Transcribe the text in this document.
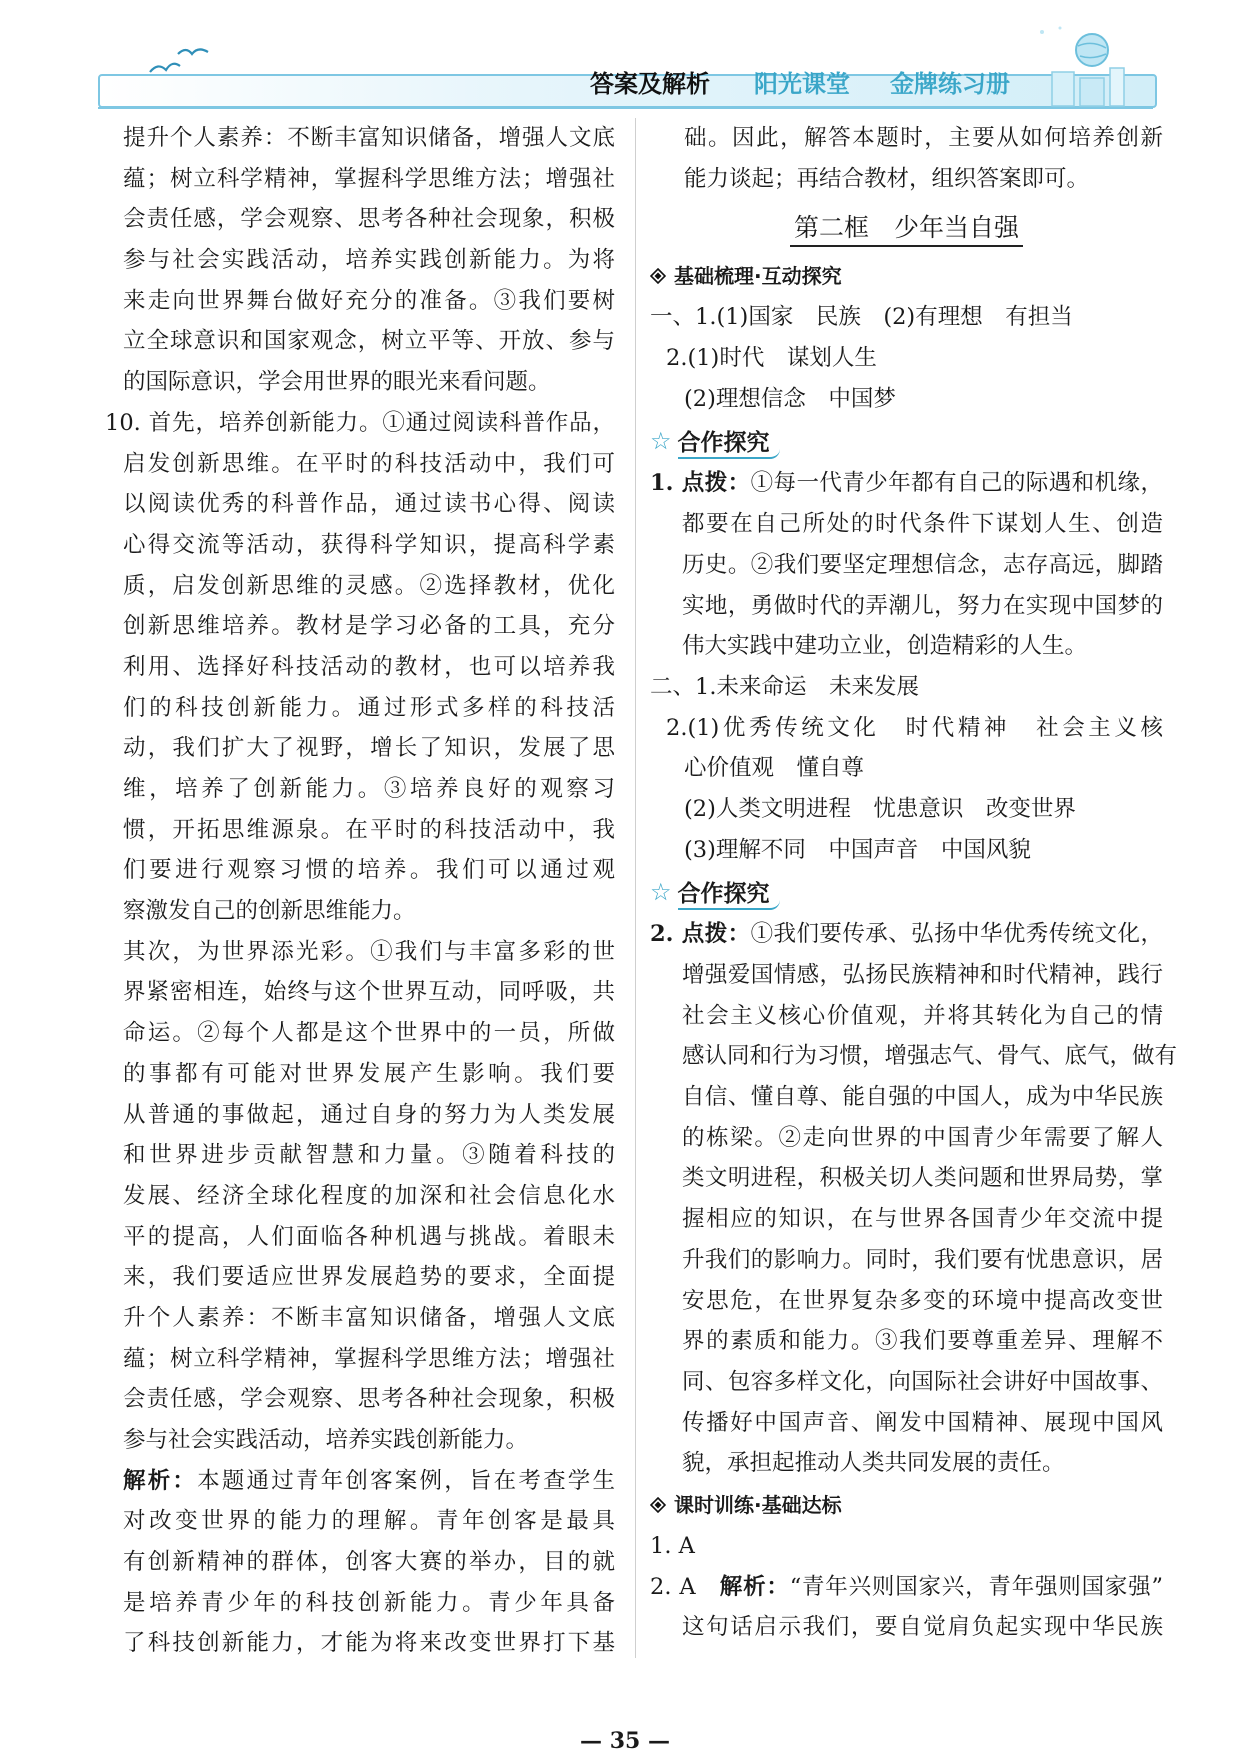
答案及解析 阳光课堂 金牌练习册
提升个人素养：不断丰富知识储备，增强人文底
蕴；树立科学精神，掌握科学思维方法；增强社
会责任感，学会观察、思考各种社会现象，积极
参与社会实践活动，培养实践创新能力。为将
来走向世界舞台做好充分的准备。③我们要树
立全球意识和国家观念，树立平等、开放、参与
的国际意识，学会用世界的眼光来看问题。
10. 首先，培养创新能力。①通过阅读科普作品，
启发创新思维。在平时的科技活动中，我们可
以阅读优秀的科普作品，通过读书心得、阅读
心得交流等活动，获得科学知识，提高科学素
质，启发创新思维的灵感。②选择教材，优化
创新思维培养。教材是学习必备的工具，充分
利用、选择好科技活动的教材，也可以培养我
们的科技创新能力。通过形式多样的科技活
动，我们扩大了视野，增长了知识，发展了思
维，培养了创新能力。③培养良好的观察习
惯，开拓思维源泉。在平时的科技活动中，我
们要进行观察习惯的培养。我们可以通过观
察激发自己的创新思维能力。
其次，为世界添光彩。①我们与丰富多彩的世
界紧密相连，始终与这个世界互动，同呼吸，共
命运。②每个人都是这个世界中的一员，所做
的事都有可能对世界发展产生影响。我们要
从普通的事做起，通过自身的努力为人类发展
和世界进步贡献智慧和力量。③随着科技的
发展、经济全球化程度的加深和社会信息化水
平的提高，人们面临各种机遇与挑战。着眼未
来，我们要适应世界发展趋势的要求，全面提
升个人素养：不断丰富知识储备，增强人文底
蕴；树立科学精神，掌握科学思维方法；增强社
会责任感，学会观察、思考各种社会现象，积极
参与社会实践活动，培养实践创新能力。
解析：本题通过青年创客案例，旨在考查学生
对改变世界的能力的理解。青年创客是最具
有创新精神的群体，创客大赛的举办，目的就
是培养青少年的科技创新能力。青少年具备
了科技创新能力，才能为将来改变世界打下基
础。因此，解答本题时，主要从如何培养创新
能力谈起；再结合教材，组织答案即可。
第二框　少年当自强
基础梳理·互动探究
一、1.(1)国家　民族　(2)有理想　有担当
2.(1)时代　谋划人生
(2)理想信念　中国梦
☆ 合作探究
1. 点拨：①每一代青少年都有自己的际遇和机缘，
都要在自己所处的时代条件下谋划人生、创造
历史。②我们要坚定理想信念，志存高远，脚踏
实地，勇做时代的弄潮儿，努力在实现中国梦的
伟大实践中建功立业，创造精彩的人生。
二、1.未来命运　未来发展
2.(1)优秀传统文化　时代精神　社会主义核
心价值观　懂自尊
(2)人类文明进程　忧患意识　改变世界
(3)理解不同　中国声音　中国风貌
☆ 合作探究
2. 点拨：①我们要传承、弘扬中华优秀传统文化，
增强爱国情感，弘扬民族精神和时代精神，践行
社会主义核心价值观，并将其转化为自己的情
感认同和行为习惯，增强志气、骨气、底气，做有
自信、懂自尊、能自强的中国人，成为中华民族
的栋梁。②走向世界的中国青少年需要了解人
类文明进程，积极关切人类问题和世界局势，掌
握相应的知识，在与世界各国青少年交流中提
升我们的影响力。同时，我们要有忧患意识，居
安思危，在世界复杂多变的环境中提高改变世
界的素质和能力。③我们要尊重差异、理解不
同、包容多样文化，向国际社会讲好中国故事、
传播好中国声音、阐发中国精神、展现中国风
貌，承担起推动人类共同发展的责任。
课时训练·基础达标
1. A
2. A　解析：“青年兴则国家兴，青年强则国家强”
这句话启示我们，要自觉肩负起实现中华民族
— 35 —
